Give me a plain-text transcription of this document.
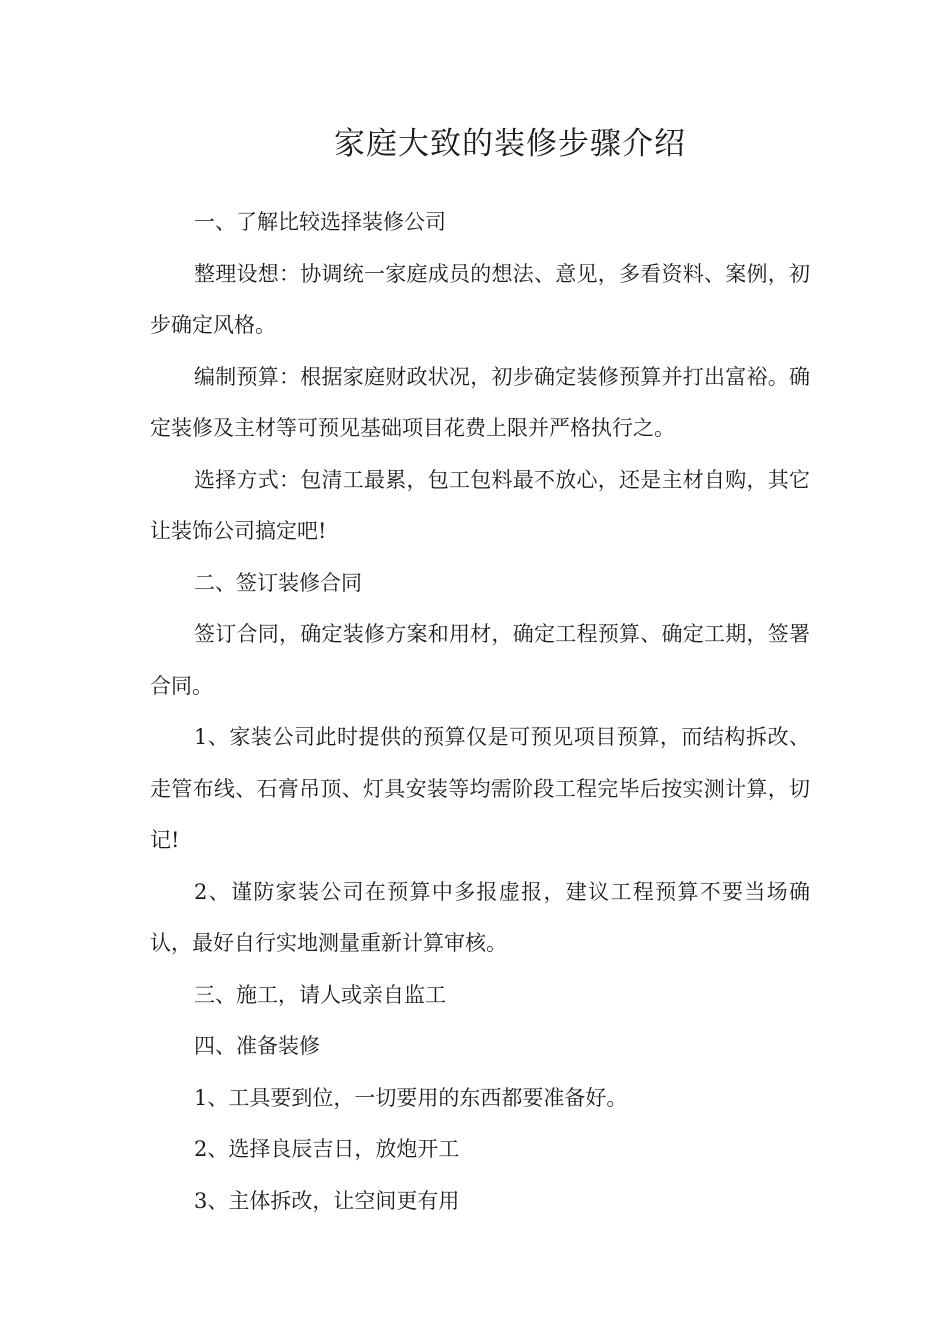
家庭大致的装修步骤介绍

一、了解比较选择装修公司

整理设想：协调统一家庭成员的想法、意见，多看资料、案例，初步确定风格。

编制预算：根据家庭财政状况，初步确定装修预算并打出富裕。确定装修及主材等可预见基础项目花费上限并严格执行之。

选择方式：包清工最累，包工包料最不放心，还是主材自购，其它让装饰公司搞定吧!

二、签订装修合同

签订合同，确定装修方案和用材，确定工程预算、确定工期，签署合同。

1、家装公司此时提供的预算仅是可预见项目预算，而结构拆改、走管布线、石膏吊顶、灯具安装等均需阶段工程完毕后按实测计算，切记!

2、谨防家装公司在预算中多报虚报，建议工程预算不要当场确认，最好自行实地测量重新计算审核。

三、施工，请人或亲自监工

四、准备装修

1、工具要到位，一切要用的东西都要准备好。

2、选择良辰吉日，放炮开工

3、主体拆改，让空间更有用
